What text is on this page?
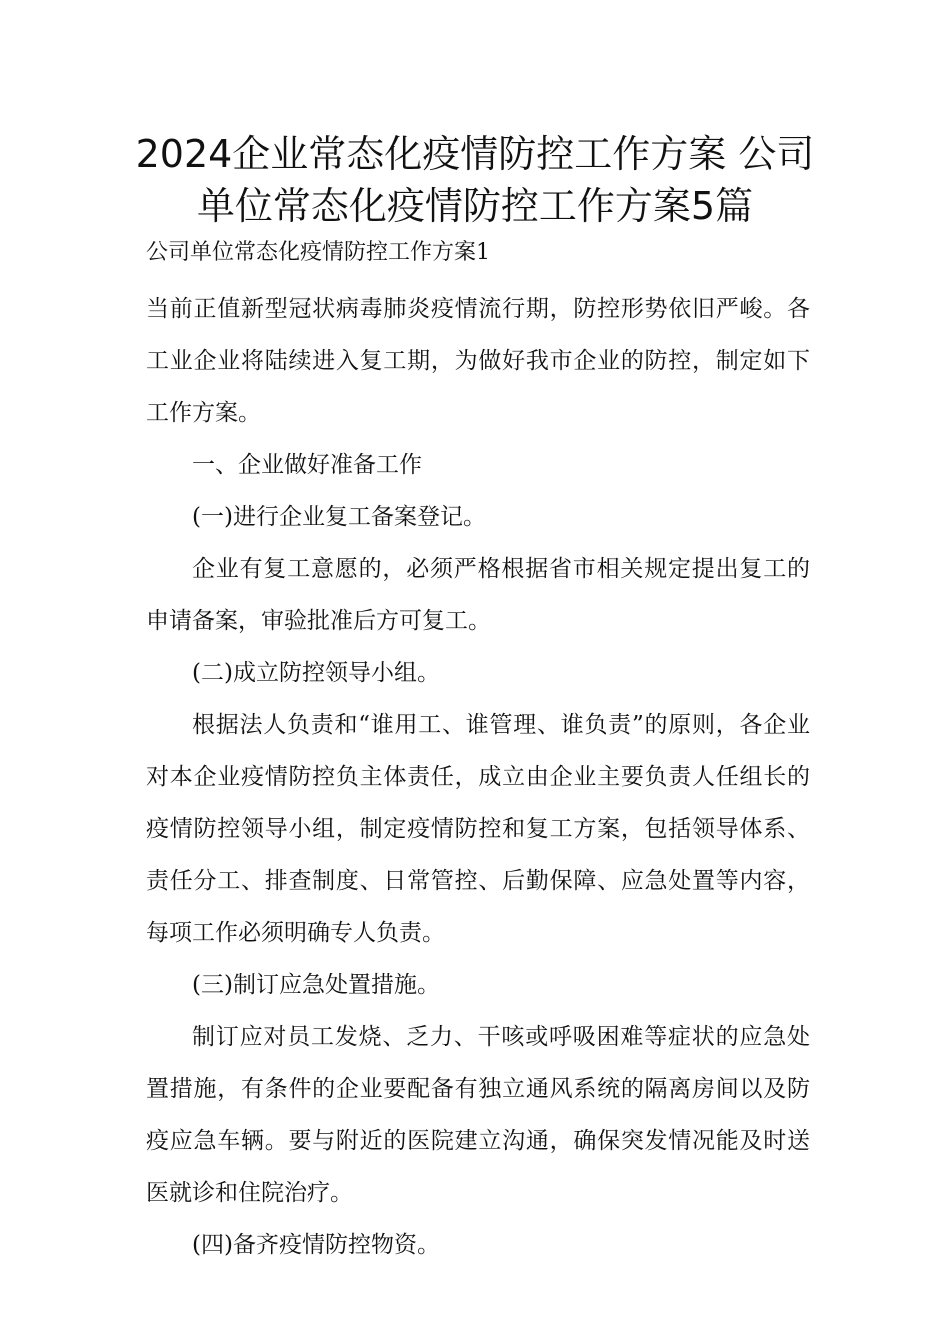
2024企业常态化疫情防控工作方案 公司单位常态化疫情防控工作方案5篇

公司单位常态化疫情防控工作方案1

当前正值新型冠状病毒肺炎疫情流行期，防控形势依旧严峻。各工业企业将陆续进入复工期，为做好我市企业的防控，制定如下工作方案。

一、企业做好准备工作

(一)进行企业复工备案登记。

企业有复工意愿的，必须严格根据省市相关规定提出复工的申请备案，审验批准后方可复工。

(二)成立防控领导小组。

根据法人负责和“谁用工、谁管理、谁负责”的原则，各企业对本企业疫情防控负主体责任，成立由企业主要负责人任组长的疫情防控领导小组，制定疫情防控和复工方案，包括领导体系、责任分工、排查制度、日常管控、后勤保障、应急处置等内容，每项工作必须明确专人负责。

(三)制订应急处置措施。

制订应对员工发烧、乏力、干咳或呼吸困难等症状的应急处置措施，有条件的企业要配备有独立通风系统的隔离房间以及防疫应急车辆。要与附近的医院建立沟通，确保突发情况能及时送医就诊和住院治疗。

(四)备齐疫情防控物资。
